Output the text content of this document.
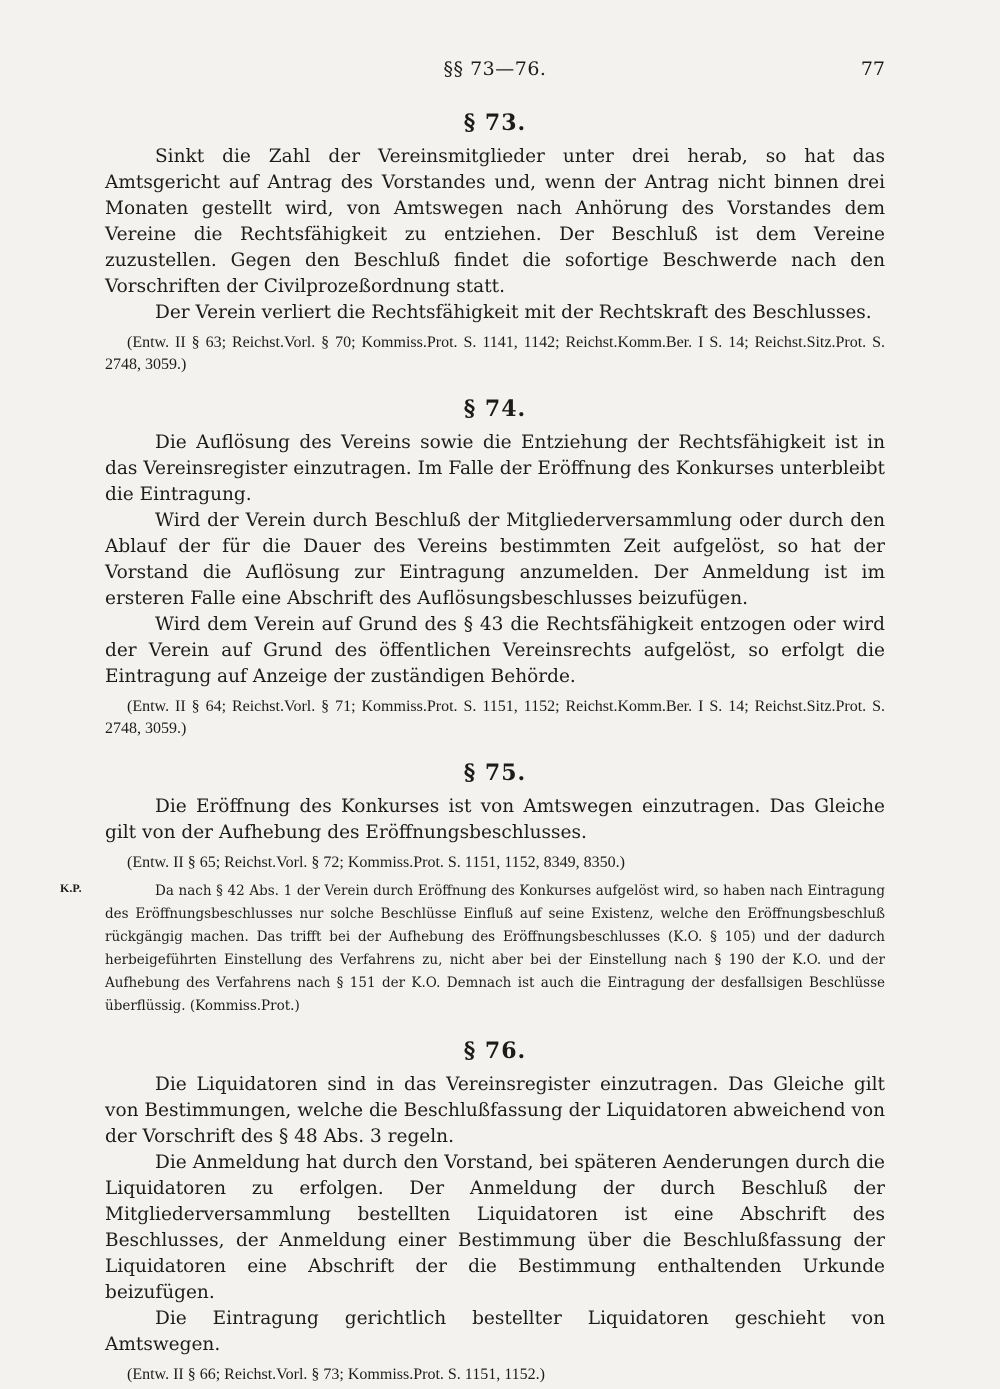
§§ 73—76.	77
§ 73.

Sinkt die Zahl der Vereinsmitglieder unter drei herab, so hat das Amtsgericht auf Antrag des Vorstandes und, wenn der Antrag nicht binnen drei Monaten gestellt wird, von Amtswegen nach Anhörung des Vorstandes dem Vereine die Rechtsfähigkeit zu entziehen. Der Beschluß ist dem Vereine zuzustellen. Gegen den Beschluß findet die sofortige Beschwerde nach den Vorschriften der Civilprozeßordnung statt.

Der Verein verliert die Rechtsfähigkeit mit der Rechtskraft des Beschlusses.

(Entw. II § 63; Reichst.Vorl. § 70; Kommiss.Prot. S. 1141, 1142; Reichst.Komm.Ber. I S. 14; Reichst.Sitz.Prot. S. 2748, 3059.)

§ 74.

Die Auflösung des Vereins sowie die Entziehung der Rechtsfähigkeit ist in das Vereinsregister einzutragen. Im Falle der Eröffnung des Konkurses unterbleibt die Eintragung.

Wird der Verein durch Beschluß der Mitgliederversammlung oder durch den Ablauf der für die Dauer des Vereins bestimmten Zeit aufgelöst, so hat der Vorstand die Auflösung zur Eintragung anzumelden. Der Anmeldung ist im ersteren Falle eine Abschrift des Auflösungsbeschlusses beizufügen.

Wird dem Verein auf Grund des § 43 die Rechtsfähigkeit entzogen oder wird der Verein auf Grund des öffentlichen Vereinsrechts aufgelöst, so erfolgt die Eintragung auf Anzeige der zuständigen Behörde.

(Entw. II § 64; Reichst.Vorl. § 71; Kommiss.Prot. S. 1151, 1152; Reichst.Komm.Ber. I S. 14; Reichst.Sitz.Prot. S. 2748, 3059.)

§ 75.

Die Eröffnung des Konkurses ist von Amtswegen einzutragen. Das Gleiche gilt von der Aufhebung des Eröffnungsbeschlusses.

(Entw. II § 65; Reichst.Vorl. § 72; Kommiss.Prot. S. 1151, 1152, 8349, 8350.)

K.P.	Da nach § 42 Abs. 1 der Verein durch Eröffnung des Konkurses aufgelöst wird, so haben nach Eintragung des Eröffnungsbeschlusses nur solche Beschlüsse Einfluß auf seine Existenz, welche den Eröffnungsbeschluß rückgängig machen. Das trifft bei der Aufhebung des Eröffnungsbeschlusses (K.O. § 105) und der dadurch herbeigeführten Einstellung des Verfahrens zu, nicht aber bei der Einstellung nach § 190 der K.O. und der Aufhebung des Verfahrens nach § 151 der K.O. Demnach ist auch die Eintragung der desfallsigen Beschlüsse überflüssig. (Kommiss.Prot.)

§ 76.

Die Liquidatoren sind in das Vereinsregister einzutragen. Das Gleiche gilt von Bestimmungen, welche die Beschlußfassung der Liquidatoren abweichend von der Vorschrift des § 48 Abs. 3 regeln.

Die Anmeldung hat durch den Vorstand, bei späteren Aenderungen durch die Liquidatoren zu erfolgen. Der Anmeldung der durch Beschluß der Mitgliederversammlung bestellten Liquidatoren ist eine Abschrift des Beschlusses, der Anmeldung einer Bestimmung über die Beschlußfassung der Liquidatoren eine Abschrift der die Bestimmung enthaltenden Urkunde beizufügen.

Die Eintragung gerichtlich bestellter Liquidatoren geschieht von Amtswegen.

(Entw. II § 66; Reichst.Vorl. § 73; Kommiss.Prot. S. 1151, 1152.)
